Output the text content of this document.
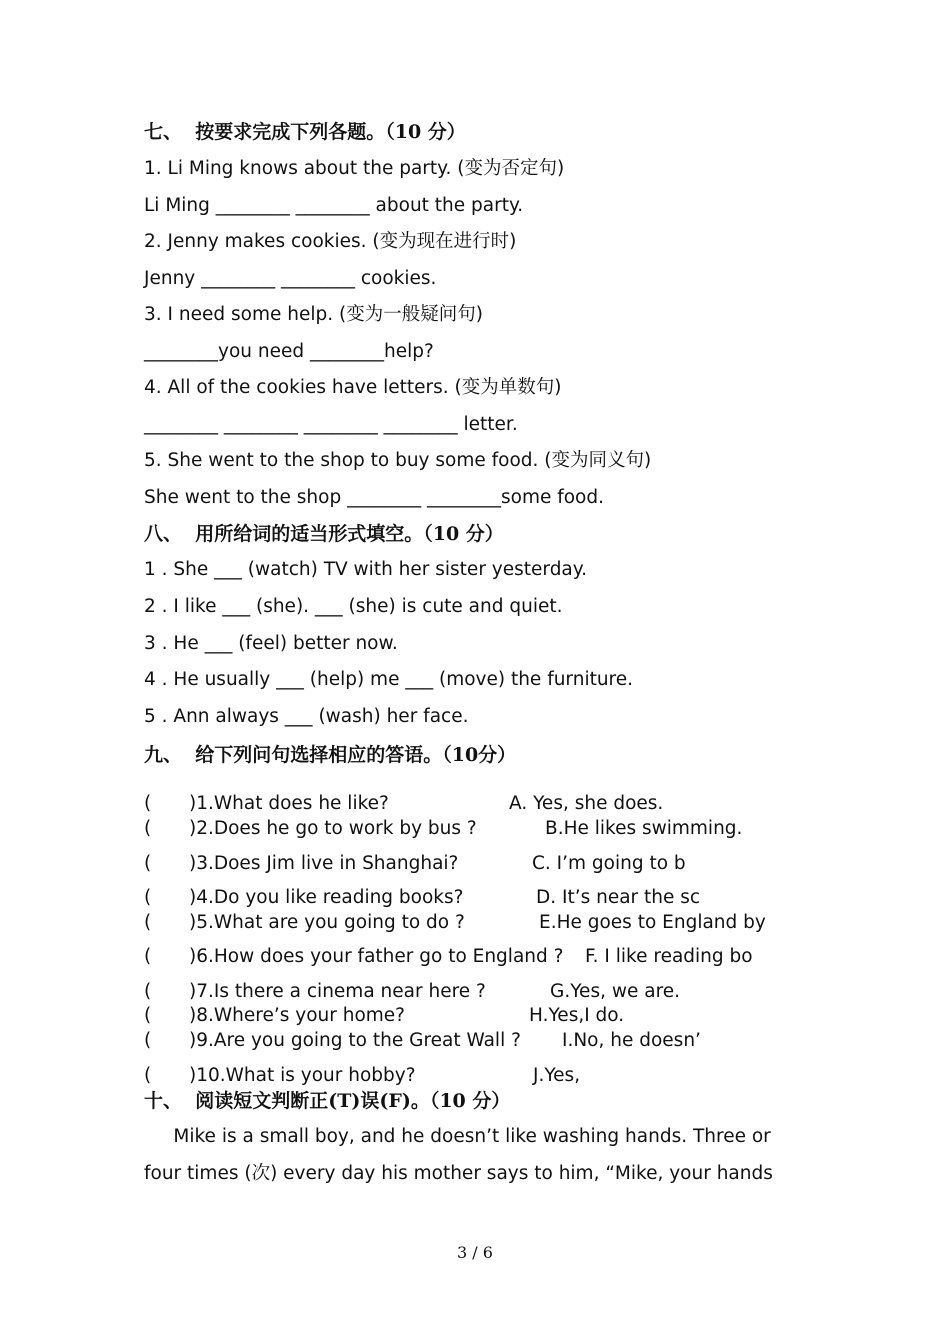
七、  按要求完成下列各题。（10 分）
1. Li Ming knows about the party. (变为否定句)
Li Ming ________ ________ about the party.
2. Jenny makes cookies. (变为现在进行时)
Jenny ________ ________ cookies.
3. I need some help. (变为一般疑问句)
________you need ________help?
4. All of the cookies have letters. (变为单数句)
________ ________ ________ ________ letter.
5. She went to the shop to buy some food. (变为同义句)
She went to the shop ________ ________some food.
八、  用所给词的适当形式填空。（10 分）
1 . She ___ (watch) TV with her sister yesterday.
2 . I like ___ (she). ___ (she) is cute and quiet.
3 . He ___ (feel) better now.
4 . He usually ___ (help) me ___ (move) the furniture.
5 . Ann always ___ (wash) her face.
九、  给下列问句选择相应的答语。（10分）
( )1.What does he like?	A. Yes, she does.
( )2.Does he go to work by bus ?	B.He likes swimming.
( )3.Does Jim live in Shanghai?	C. I’m going to b
( )4.Do you like reading books?	D. It’s near the sc
( )5.What are you going to do ?	E.He goes to England by
( )6.How does your father go to England ? F. I like reading bo
( )7.Is there a cinema near here ?	G.Yes, we are.
( )8.Where’s your home?	H.Yes,I do.
( )9.Are you going to the Great Wall ? I.No, he doesn’
( )10.What is your hobby?	J.Yes,
十、  阅读短文判断正(T)误(F)。（10 分）
Mike is a small boy, and he doesn’t like washing hands. Three or
four times (次) every day his mother says to him, “Mike, your hands
3 / 6
